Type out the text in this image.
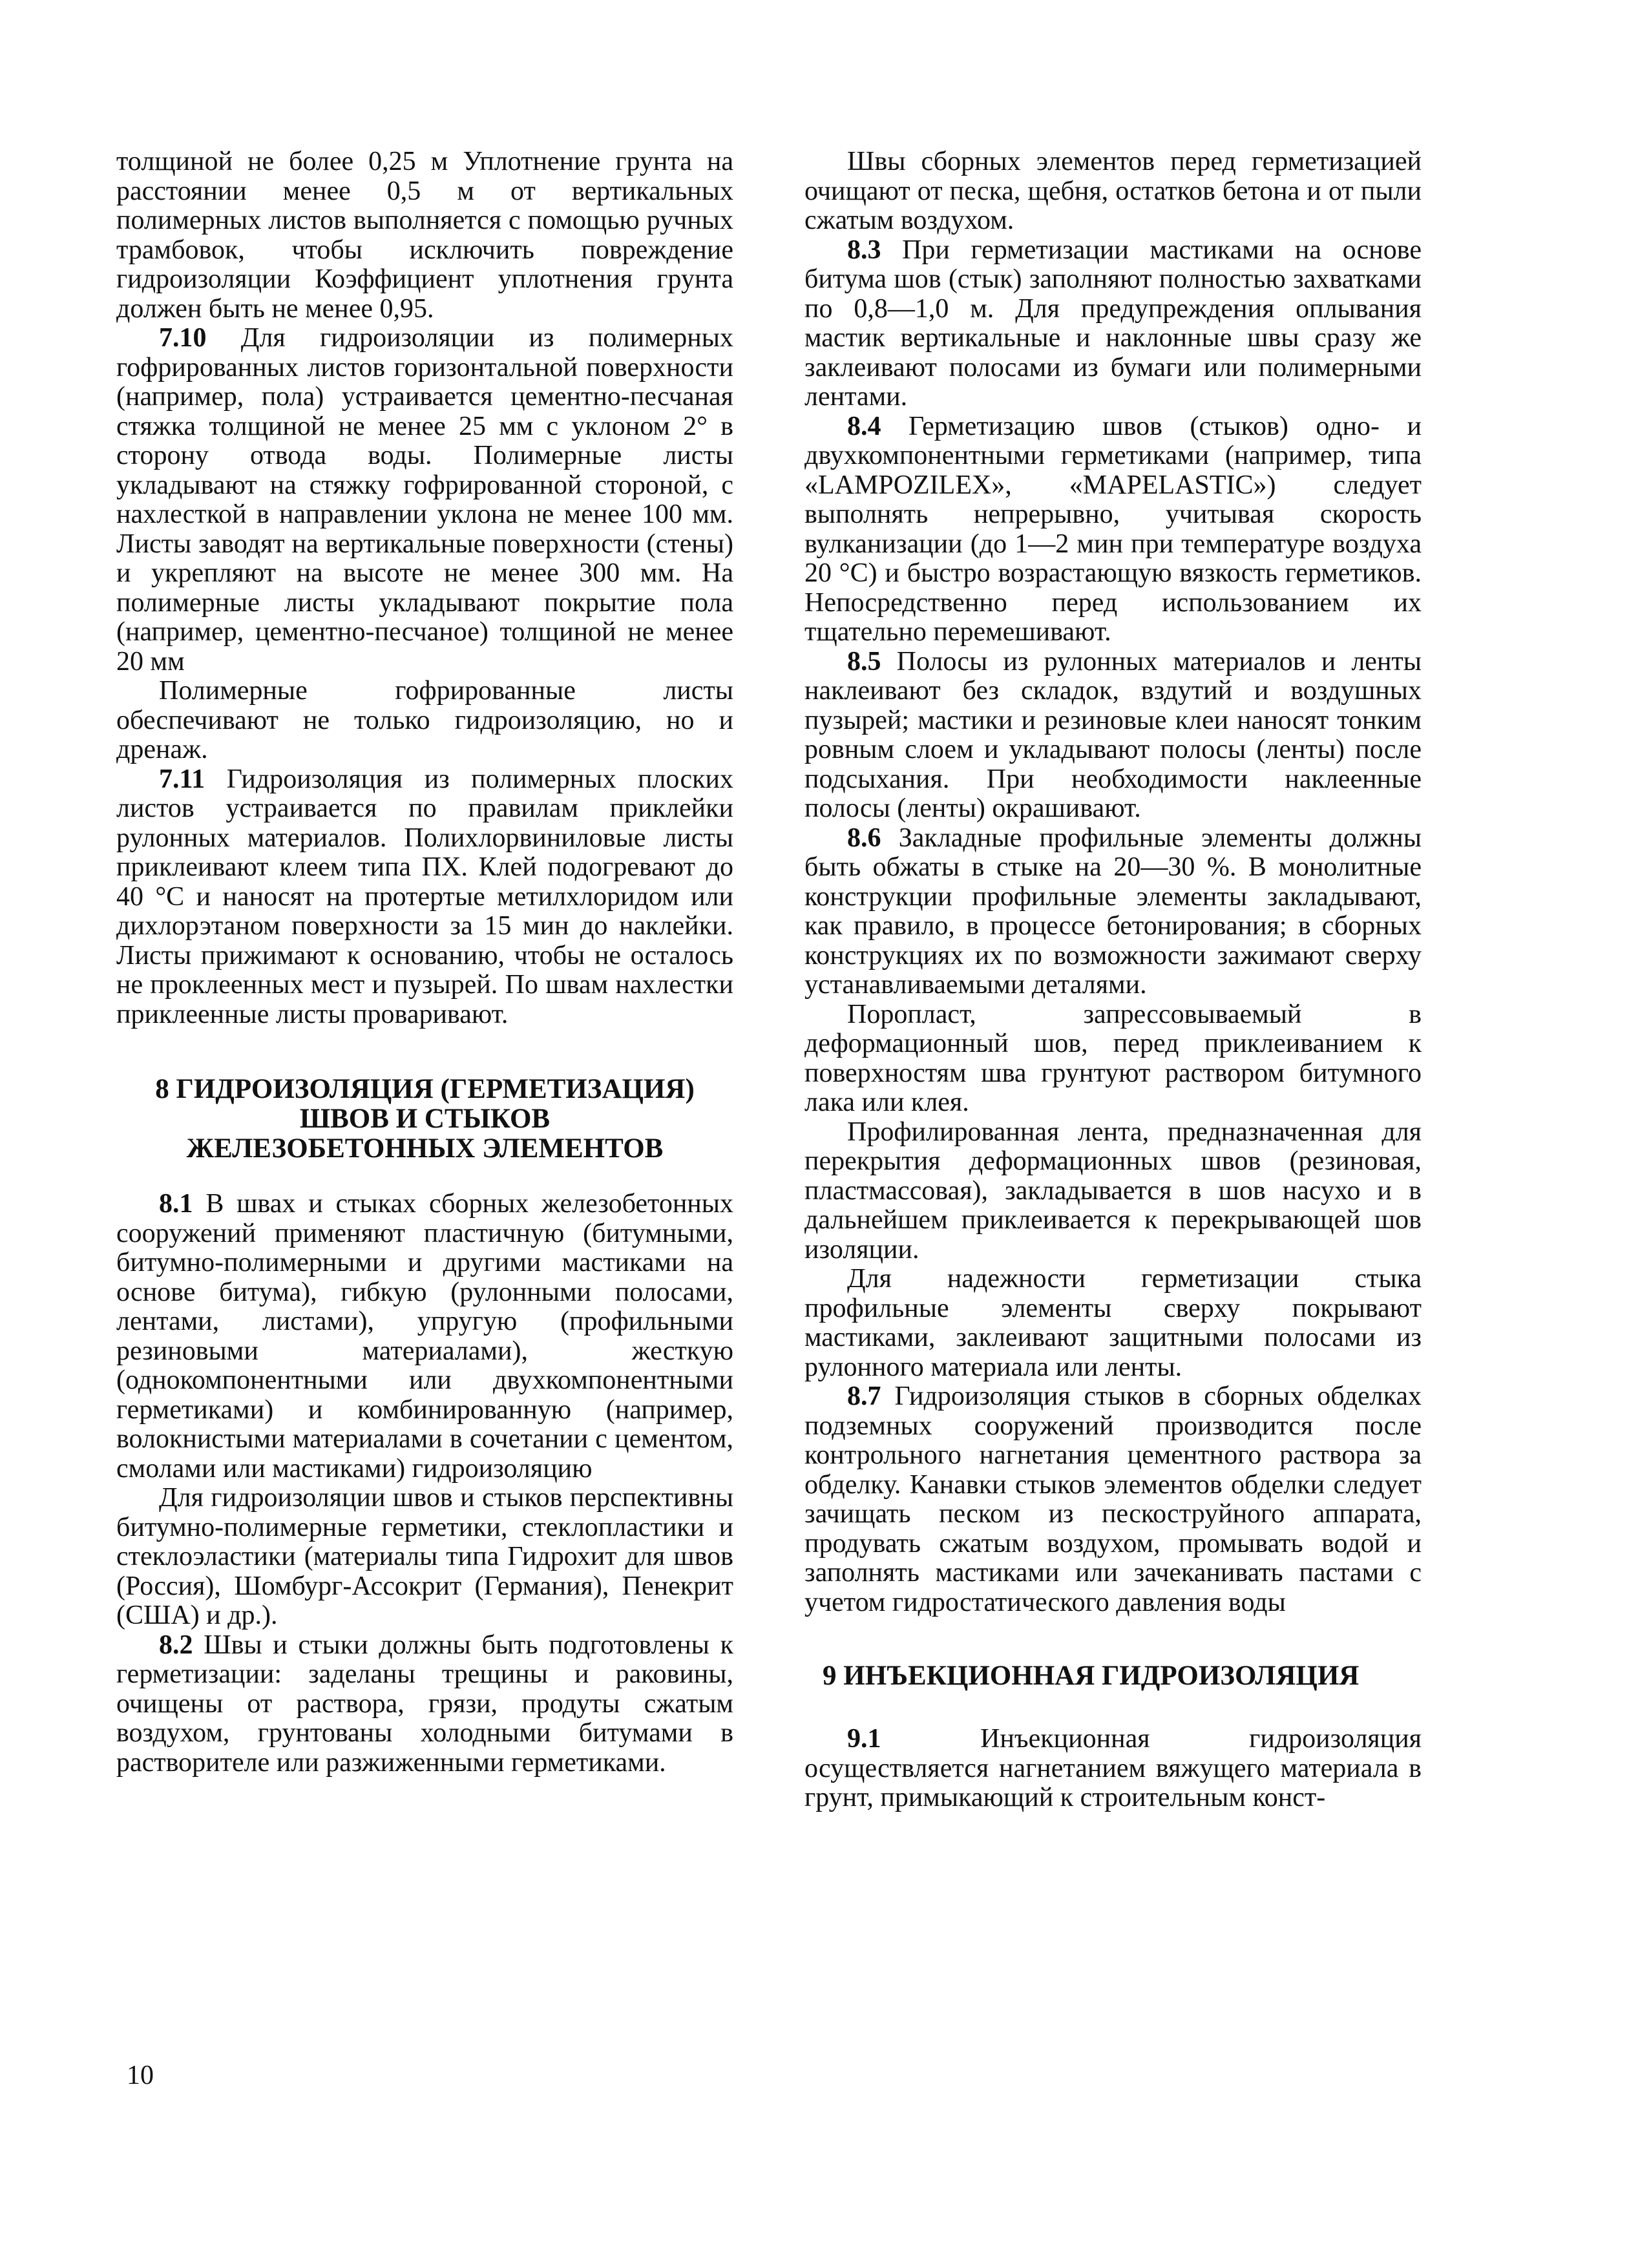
толщиной не более 0,25 м Уплотнение грунта на расстоянии менее 0,5 м от вертикальных полимерных листов выполняется с помощью ручных трамбовок, чтобы исключить повреждение гидроизоляции Коэффициент уплотнения грунта должен быть не менее 0,95.

7.10 Для гидроизоляции из полимерных гофрированных листов горизонтальной поверхности (например, пола) устраивается цементно-песчаная стяжка толщиной не менее 25 мм с уклоном 2° в сторону отвода воды. Полимерные листы укладывают на стяжку гофрированной стороной, с нахлесткой в направлении уклона не менее 100 мм. Листы заводят на вертикальные поверхности (стены) и укрепляют на высоте не менее 300 мм. На полимерные листы укладывают покрытие пола (например, цементно-песчаное) толщиной не менее 20 мм

Полимерные гофрированные листы обеспечивают не только гидроизоляцию, но и дренаж.

7.11 Гидроизоляция из полимерных плоских листов устраивается по правилам приклейки рулонных материалов. Полихлорвиниловые листы приклеивают клеем типа ПХ. Клей подогревают до 40 °С и наносят на протертые метилхлоридом или дихлорэтаном поверхности за 15 мин до наклейки. Листы прижимают к основанию, чтобы не осталось не проклеенных мест и пузырей. По швам нахлестки приклеенные листы проваривают.

8 ГИДРОИЗОЛЯЦИЯ (ГЕРМЕТИЗАЦИЯ)

ШВОВ И СТЫКОВ

ЖЕЛЕЗОБЕТОННЫХ ЭЛЕМЕНТОВ

8.1 В швах и стыках сборных железобетонных сооружений применяют пластичную (битумными, битумно-полимерными и другими мастиками на основе битума), гибкую (рулонными полосами, лентами, листами), упругую (профильными резиновыми материалами), жесткую (однокомпонентными или двухкомпонентными герметиками) и комбинированную (например, волокнистыми материалами в сочетании с цементом, смолами или мастиками) гидроизоляцию

Для гидроизоляции швов и стыков перспективны битумно-полимерные герметики, стеклопластики и стеклоэластики (материалы типа Гидрохит для швов (Россия), Шомбург-Ассокрит (Германия), Пенекрит (США) и др.).

8.2 Швы и стыки должны быть подготовлены к герметизации: заделаны трещины и раковины, очищены от раствора, грязи, продуты сжатым воздухом, грунтованы холодными битумами в растворителе или разжиженными герметиками.

Швы сборных элементов перед герметизацией очищают от песка, щебня, остатков бетона и от пыли сжатым воздухом.

8.3 При герметизации мастиками на основе битума шов (стык) заполняют полностью захватками по 0,8—1,0 м. Для предупреждения оплывания мастик вертикальные и наклонные швы сразу же заклеивают полосами из бумаги или полимерными лентами.

8.4 Герметизацию швов (стыков) одно- и двухкомпонентными герметиками (например, типа «LAMPOZILEX», «MAPELASTIC») следует выполнять непрерывно, учитывая скорость вулканизации (до 1—2 мин при температуре воздуха 20 °С) и быстро возрастающую вязкость герметиков. Непосредственно перед использованием их тщательно перемешивают.

8.5 Полосы из рулонных материалов и ленты наклеивают без складок, вздутий и воздушных пузырей; мастики и резиновые клеи наносят тонким ровным слоем и укладывают полосы (ленты) после подсыхания. При необходимости наклеенные полосы (ленты) окрашивают.

8.6 Закладные профильные элементы должны быть обжаты в стыке на 20—30 %. В монолитные конструкции профильные элементы закладывают, как правило, в процессе бетонирования; в сборных конструкциях их по возможности зажимают сверху устанавливаемыми деталями.

Поропласт, запрессовываемый в деформационный шов, перед приклеиванием к поверхностям шва грунтуют раствором битумного лака или клея.

Профилированная лента, предназначенная для перекрытия деформационных швов (резиновая, пластмассовая), закладывается в шов насухо и в дальнейшем приклеивается к перекрывающей шов изоляции.

Для надежности герметизации стыка профильные элементы сверху покрывают мастиками, заклеивают защитными полосами из рулонного материала или ленты.

8.7 Гидроизоляция стыков в сборных обделках подземных сооружений производится после контрольного нагнетания цементного раствора за обделку. Канавки стыков элементов обделки следует зачищать песком из пескоструйного аппарата, продувать сжатым воздухом, промывать водой и заполнять мастиками или зачеканивать пастами с учетом гидростатического давления воды

9 ИНЪЕКЦИОННАЯ ГИДРОИЗОЛЯЦИЯ

9.1 Инъекционная гидроизоляция осуществляется нагнетанием вяжущего материала в грунт, примыкающий к строительным конст-

10
